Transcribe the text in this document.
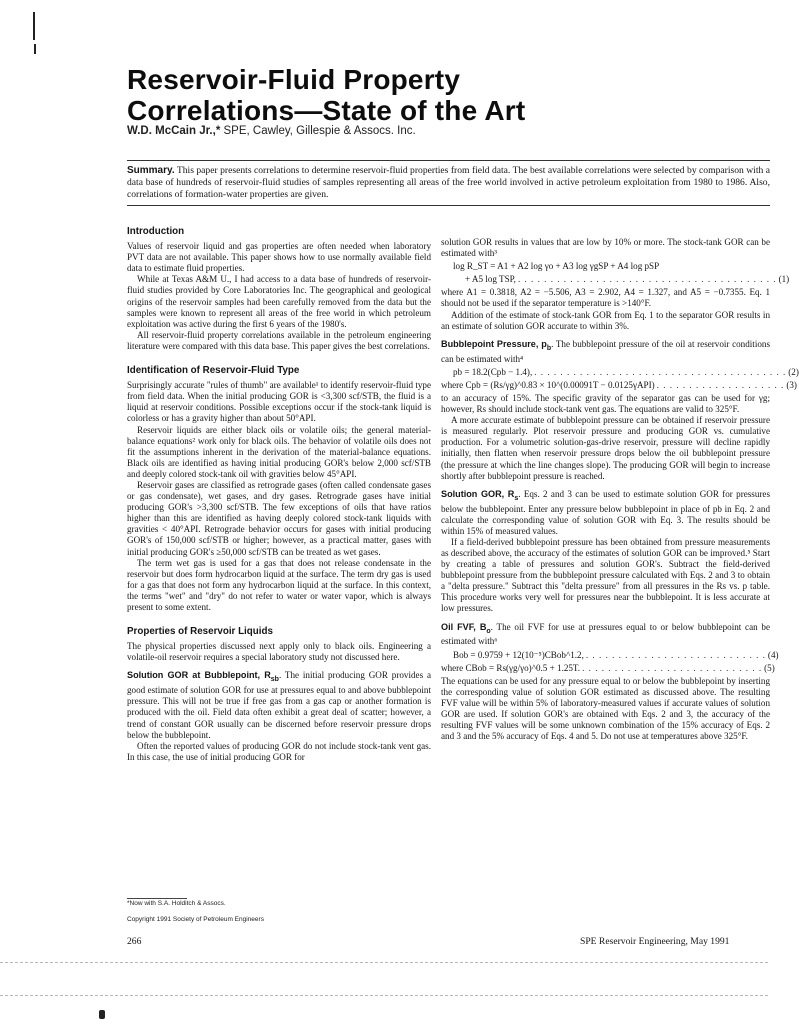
Reservoir-Fluid Property
Correlations—State of the Art
W.D. McCain Jr.,* SPE, Cawley, Gillespie & Assocs. Inc.

Summary. This paper presents correlations to determine reservoir-fluid properties from field data. The best available correlations were selected by comparison with a data base of hundreds of reservoir-fluid studies of samples representing all areas of the free world involved in active petroleum exploitation from 1980 to 1986. Also, correlations of formation-water properties are given.

Introduction

Values of reservoir liquid and gas properties are often needed when laboratory PVT data are not available. This paper shows how to use normally available field data to estimate fluid properties.

While at Texas A&M U., I had access to a data base of hundreds of reservoir-fluid studies provided by Core Laboratories Inc. The geographical and geological origins of the reservoir samples had been carefully removed from the data but the samples were known to represent all areas of the free world in which petroleum exploitation was active during the first 6 years of the 1980's.

All reservoir-fluid property correlations available in the petroleum engineering literature were compared with this data base. This paper gives the best correlations.

Identification of Reservoir-Fluid Type

Surprisingly accurate "rules of thumb" are available¹ to identify reservoir-fluid type from field data. When the initial producing GOR is <3,300 scf/STB, the fluid is a liquid at reservoir conditions. Possible exceptions occur if the stock-tank liquid is colorless or has a gravity higher than about 50°API.

Reservoir liquids are either black oils or volatile oils; the general material-balance equations² work only for black oils. The behavior of volatile oils does not fit the assumptions inherent in the derivation of the material-balance equations. Black oils are identified as having initial producing GOR's below 2,000 scf/STB and deeply colored stock-tank oil with gravities below 45°API.

Reservoir gases are classified as retrograde gases (often called condensate gases or gas condensate), wet gases, and dry gases. Retrograde gases have initial producing GOR's >3,300 scf/STB. The few exceptions of oils that have ratios higher than this are identified as having deeply colored stock-tank liquids with gravities < 40°API. Retrograde behavior occurs for gases with initial producing GOR's of 150,000 scf/STB or higher; however, as a practical matter, gases with initial producing GOR's ≥50,000 scf/STB can be treated as wet gases.

The term wet gas is used for a gas that does not release condensate in the reservoir but does form hydrocarbon liquid at the surface. The term dry gas is used for a gas that does not form any hydrocarbon liquid at the surface. In this context, the terms "wet" and "dry" do not refer to water or water vapor, which is always present to some extent.

Properties of Reservoir Liquids

The physical properties discussed next apply only to black oils. Engineering a volatile-oil reservoir requires a special laboratory study not discussed here.

Solution GOR at Bubblepoint, $R_{sb}$. The initial producing GOR provides a good estimate of solution GOR for use at pressures equal to and above bubblepoint pressure. This will not be true if free gas from a gas cap or another formation is produced with the oil. Field data often exhibit a great deal of scatter; however, a trend of constant GOR usually can be discerned before reservoir pressure drops below the bubblepoint.

Often the reported values of producing GOR do not include stock-tank vent gas. In this case, the use of initial producing GOR for

*Now with S.A. Holditch & Assocs.
Copyright 1991 Society of Petroleum Engineers

solution GOR results in values that are low by 10% or more. The stock-tank GOR can be estimated with³

log R_ST = A1 + A2 log γo + A3 log γgSP + A4 log pSP
+ A5 log TSP, . . . . . . . . . . . . . . . . . . . . . . . . . . . . . . . . . . . . . . . . (1)

where A1 = 0.3818, A2 = −5.506, A3 = 2.902, A4 = 1.327, and A5 = −0.7355. Eq. 1 should not be used if the separator temperature is >140°F.

Addition of the estimate of stock-tank GOR from Eq. 1 to the separator GOR results in an estimate of solution GOR accurate to within 3%.

Bubblepoint Pressure, $p_b$. The bubblepoint pressure of the oil at reservoir conditions can be estimated with⁴

pb = 18.2(Cpb − 1.4), . . . . . . . . . . . . . . . . . . . . . . . . . . . . . . . . . . . . . . . (2)
where Cpb = (Rs/γg)^0.83 × 10^(0.00091T − 0.0125γAPI) . . . . . . . . . . . . . . . . . . . . (3)

to an accuracy of 15%. The specific gravity of the separator gas can be used for γg; however, Rs should include stock-tank vent gas. The equations are valid to 325°F.

A more accurate estimate of bubblepoint pressure can be obtained if reservoir pressure is measured regularly. Plot reservoir pressure and producing GOR vs. cumulative production. For a volumetric solution-gas-drive reservoir, pressure will decline rapidly initially, then flatten when reservoir pressure drops below the oil bubblepoint pressure (the pressure at which the line changes slope). The producing GOR will begin to increase shortly after bubblepoint pressure is reached.

Solution GOR, $R_s$. Eqs. 2 and 3 can be used to estimate solution GOR for pressures below the bubblepoint. Enter any pressure below bubblepoint in place of pb in Eq. 2 and calculate the corresponding value of solution GOR with Eq. 3. The results should be within 15% of measured values.

If a field-derived bubblepoint pressure has been obtained from pressure measurements as described above, the accuracy of the estimates of solution GOR can be improved.⁵ Start by creating a table of pressures and solution GOR's. Subtract the field-derived bubblepoint pressure from the bubblepoint pressure calculated with Eqs. 2 and 3 to obtain a "delta pressure." Subtract this "delta pressure" from all pressures in the Rs vs. p table. This procedure works very well for pressures near the bubblepoint. It is less accurate at low pressures.

Oil FVF, $B_o$. The oil FVF for use at pressures equal to or below bubblepoint can be estimated with⁶

Bob = 0.9759 + 12(10⁻⁵)CBob^1.2, . . . . . . . . . . . . . . . . . . . . . . . . . . . . (4)
where CBob = Rs(γg/γo)^0.5 + 1.25T. . . . . . . . . . . . . . . . . . . . . . . . . . . . . (5)

The equations can be used for any pressure equal to or below the bubblepoint by inserting the corresponding value of solution GOR estimated as discussed above. The resulting FVF value will be within 5% of laboratory-measured values if accurate values of solution GOR are used. If solution GOR's are obtained with Eqs. 2 and 3, the accuracy of the resulting FVF values will be some unknown combination of the 15% accuracy of Eqs. 2 and 3 and the 5% accuracy of Eqs. 4 and 5. Do not use at temperatures above 325°F.

266	SPE Reservoir Engineering, May 1991
